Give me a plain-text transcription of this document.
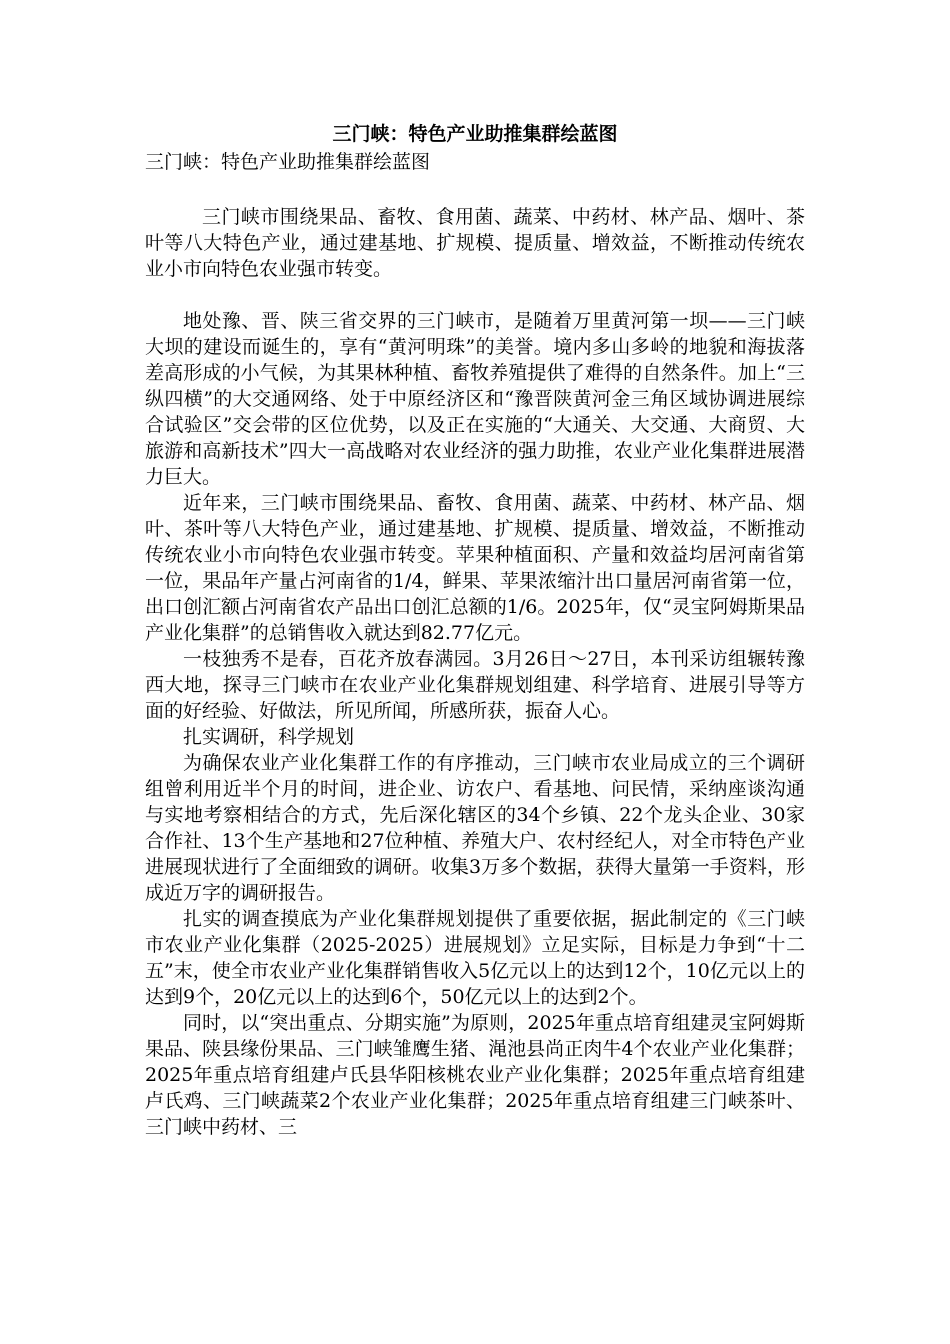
三门峡：特色产业助推集群绘蓝图

三门峡：特色产业助推集群绘蓝图

三门峡市围绕果品、畜牧、食用菌、蔬菜、中药材、林产品、烟叶、茶叶等八大特色产业，通过建基地、扩规模、提质量、增效益，不断推动传统农业小市向特色农业强市转变。

地处豫、晋、陕三省交界的三门峡市，是随着万里黄河第一坝——三门峡大坝的建设而诞生的，享有“黄河明珠”的美誉。境内多山多岭的地貌和海拔落差高形成的小气候，为其果林种植、畜牧养殖提供了难得的自然条件。加上“三纵四横”的大交通网络、处于中原经济区和“豫晋陕黄河金三角区域协调进展综合试验区”交会带的区位优势，以及正在实施的“大通关、大交通、大商贸、大旅游和高新技术”四大一高战略对农业经济的强力助推，农业产业化集群进展潜力巨大。

近年来，三门峡市围绕果品、畜牧、食用菌、蔬菜、中药材、林产品、烟叶、茶叶等八大特色产业，通过建基地、扩规模、提质量、增效益，不断推动传统农业小市向特色农业强市转变。苹果种植面积、产量和效益均居河南省第一位，果品年产量占河南省的1/4，鲜果、苹果浓缩汁出口量居河南省第一位，出口创汇额占河南省农产品出口创汇总额的1/6。2025年，仅“灵宝阿姆斯果品产业化集群”的总销售收入就达到82.77亿元。

一枝独秀不是春，百花齐放春满园。3月26日～27日，本刊采访组辗转豫西大地，探寻三门峡市在农业产业化集群规划组建、科学培育、进展引导等方面的好经验、好做法，所见所闻，所感所获，振奋人心。

扎实调研，科学规划

为确保农业产业化集群工作的有序推动，三门峡市农业局成立的三个调研组曾利用近半个月的时间，进企业、访农户、看基地、问民情，采纳座谈沟通与实地考察相结合的方式，先后深化辖区的34个乡镇、22个龙头企业、30家合作社、13个生产基地和27位种植、养殖大户、农村经纪人，对全市特色产业进展现状进行了全面细致的调研。收集3万多个数据，获得大量第一手资料，形成近万字的调研报告。

扎实的调查摸底为产业化集群规划提供了重要依据，据此制定的《三门峡市农业产业化集群（2025-2025）进展规划》立足实际，目标是力争到“十二五”末，使全市农业产业化集群销售收入5亿元以上的达到12个，10亿元以上的达到9个，20亿元以上的达到6个，50亿元以上的达到2个。

同时，以“突出重点、分期实施”为原则，2025年重点培育组建灵宝阿姆斯果品、陕县缘份果品、三门峡雏鹰生猪、渑池县尚正肉牛4个农业产业化集群；2025年重点培育组建卢氏县华阳核桃农业产业化集群；2025年重点培育组建卢氏鸡、三门峡蔬菜2个农业产业化集群；2025年重点培育组建三门峡茶叶、三门峡中药材、三
